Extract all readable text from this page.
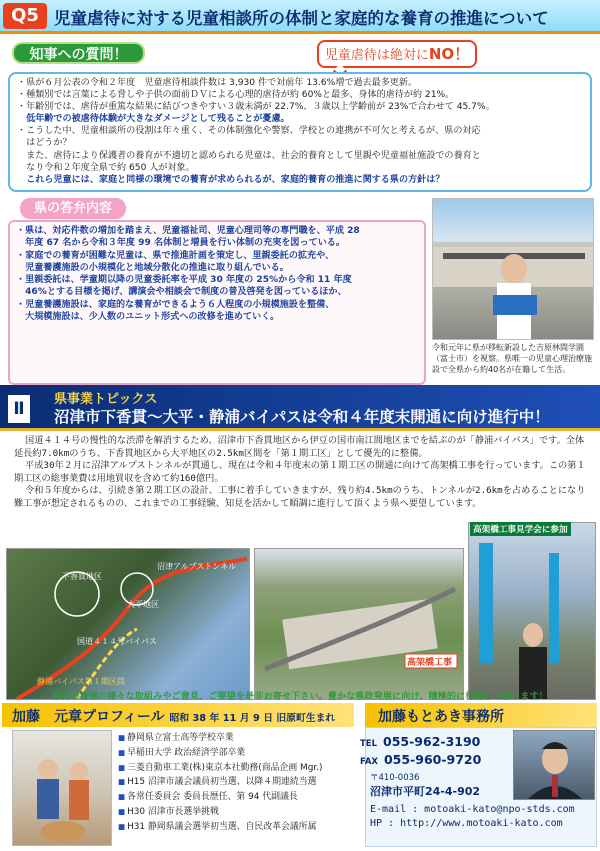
Q5 児童虐待に対する児童相談所の体制と家庭的な養育の推進について
知事への質問！	児童虐待は絶対にNO！

・県が６月公表の令和２年度　児童虐待相談件数は 3,930 件で対前年 13.6%増で過去最多更新。

・種類別では言葉による脅しや子供の面前ＤＶによる心理的虐待が約 60%と最多、身体的虐待が約 21%。

・年齢別では、虐待が重篤な結果に結びつきやすい３歳未満が 22.7%、３歳以上学齢前が 23%で合わせて 45.7%。

　低年齢での被虐待体験が大きなダメージとして残ることが憂慮。

・こうした中、児童相談所の役割は年々重く、その体制強化や警察、学校との連携が不可欠と考えるが、県の対応

　はどうか？

　また、虐待により保護者の養育が不適切と認められる児童は、社会的養育として里親や児童福祉施設での養育と

　なり令和２年度全県で約 650 人が対象。

　これら児童には、家庭と同様の環境での養育が求められるが、家庭的養育の推進に関する県の方針は？

県の答弁内容

・県は、対応件数の増加を踏まえ、児童福祉司、児童心理司等の専門職を、平成 28

　年度 67 名から令和３年度 99 名体制と増員を行い体制の充実を図っている。

・家庭での養育が困難な児童は、県で推進計画を策定し、里親委託の拡充や、

　児童養護施設の小規模化と地域分散化の推進に取り組んでいる。

・里親委託は、学童期以降の児童委託率を平成 30 年度の 25%から令和 11 年度

　46%とする目標を掲げ、講演会や相談会で制度の普及啓発を図っているほか、

・児童養護施設は、家庭的な養育ができるよう６人程度の小規模施設を整備、

　大規模施設は、少人数のユニット形式への改修を進めていく。

令和元年に県が移転新設した吉原林間学園（富士市）を視察。県唯一の児童心理治療施設で全県から約40名が在籍して生活。
Ⅱ	県事業トピックス
沼津市下香貫～大平・静浦バイパスは令和４年度末開通に向け進行中！

国道４１４号の慢性的な渋滞を解消するため、沼津市下香貫地区から伊豆の国市南江間地区までを結ぶのが「静浦バイパス」です。全体延長約7.0kmのうち、下香貫地区から大平地区の2.5km区間を「第１期工区」として優先的に整備。

平成30年２月に沼津アルプストンネルが貫通し、現在は令和４年度末の第１期工区の開通に向けて高架橋工事を行っています。この第１期工区の総事業費は用地買収を含めて約160億円。

令和５年度からは、引続き第２期工区の設計、工事に着手していきますが、残り約4.5kmのうち、トンネルが2.6kmを占めることになり難工事が想定されるものの、これまでの工事経験、知見を活かして順調に進行して頂くよう県へ要望しています。

下香貫地区
沼津アルプストンネル
大平地区
国道４１４号バイパス
静浦バイパス第１期区間
高架橋工事
高架橋工事見学会に参加
県民の皆様の様々な取組みやご意見、ご要望を是非お寄せ下さい。豊かな県政発展に向け、積極的に行動して参ります！
加藤　元章プロフィール 昭和 38 年 11 月 9 日 旧原町生まれ
■ 静岡県立富士高等学校卒業
■ 早稲田大学 政治経済学部卒業
■ 三菱自動車工業(株)東京本社勤務(商品企画 Mgr.)
■ H15 沼津市議会議員初当選、以降４期連続当選
■ 各常任委員会 委員長歴任、第 94 代副議長
■ H30 沼津市長選挙挑戦
■ H31 静岡県議会選挙初当選、自民改革会議所属
加藤もとあき事務所
TEL 055-962-3190
FAX 055-960-9720
〒410-0036
沼津市平町24-4-902
E-mail : motoaki-kato@npo-stds.com
HP : http://www.motoaki-kato.com
